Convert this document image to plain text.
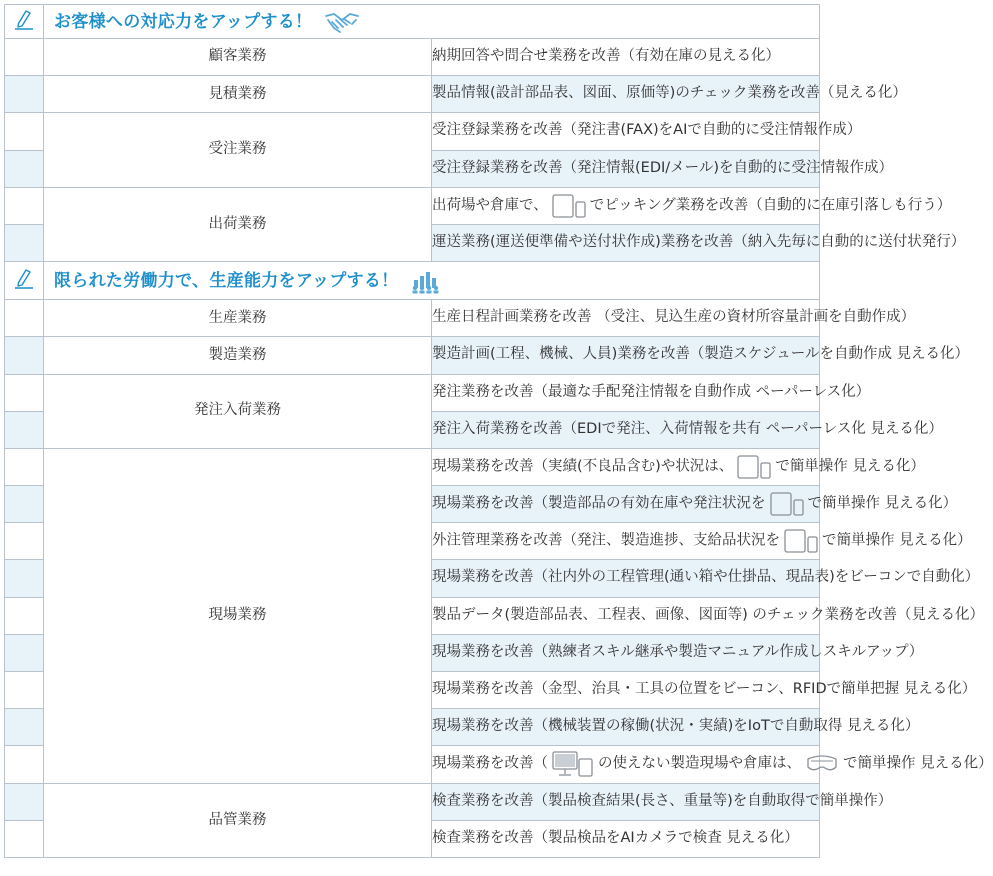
	お客様への対応力をアップする！	
	顧客業務	納期回答や問合せ業務を改善（有効在庫の見える化）
	見積業務	製品情報(設計部品表、図面、原価等)のチェック業務を改善（見える化）
	受注業務	受注登録業務を改善（発注書(FAX)をAIで自動的に受注情報作成）
		受注登録業務を改善（発注情報(EDI/メール)を自動的に受注情報作成）
	出荷業務	出荷場や倉庫で、 でピッキング業務を改善（自動的に在庫引落しも行う）
		運送業務(運送便準備や送付状作成)業務を改善（納入先毎に自動的に送付状発行）
	限られた労働力で、生産能力をアップする！	
	生産業務	生産日程計画業務を改善 （受注、見込生産の資材所容量計画を自動作成）
	製造業務	製造計画(工程、機械、人員)業務を改善（製造スケジュールを自動作成 見える化）
	発注入荷業務	発注業務を改善（最適な手配発注情報を自動作成 ペーパーレス化）
		発注入荷業務を改善（EDIで発注、入荷情報を共有 ペーパーレス化 見える化）
	現場業務	現場業務を改善（実績(不良品含む)や状況は、 で簡単操作 見える化）
		現場業務を改善（製造部品の有効在庫や発注状況を で簡単操作 見える化）
		外注管理業務を改善（発注、製造進捗、支給品状況を で簡単操作 見える化）
		現場業務を改善（社内外の工程管理(通い箱や仕掛品、現品表)をビーコンで自動化）
		製品データ(製造部品表、工程表、画像、図面等) のチェック業務を改善（見える化）
		現場業務を改善（熟練者スキル継承や製造マニュアル作成しスキルアップ）
		現場業務を改善（金型、治具・工具の位置をビーコン、RFIDで簡単把握 見える化）
		現場業務を改善（機械装置の稼働(状況・実績)をIoTで自動取得 見える化）
		現場業務を改善（ の使えない製造現場や倉庫は、 で簡単操作 見える化）
	品管業務	検査業務を改善（製品検査結果(長さ、重量等)を自動取得で簡単操作）
		検査業務を改善（製品検品をAIカメラで検査 見える化）
